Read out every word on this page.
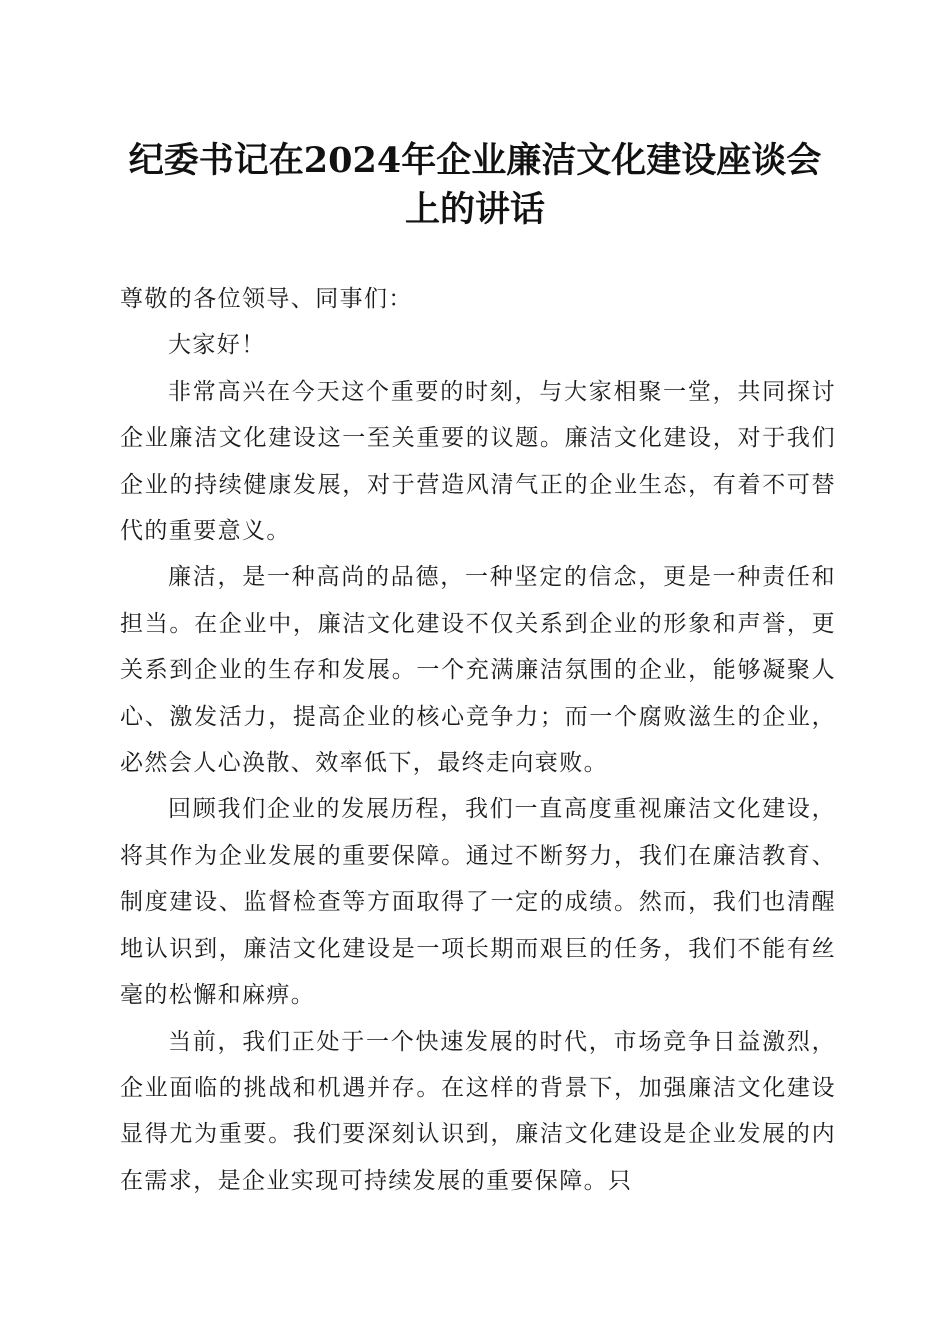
纪委书记在2024年企业廉洁文化建设座谈会
上的讲话

尊敬的各位领导、同事们：

大家好！

非常高兴在今天这个重要的时刻，与大家相聚一堂，共同探讨企业廉洁文化建设这一至关重要的议题。廉洁文化建设，对于我们企业的持续健康发展，对于营造风清气正的企业生态，有着不可替代的重要意义。

廉洁，是一种高尚的品德，一种坚定的信念，更是一种责任和担当。在企业中，廉洁文化建设不仅关系到企业的形象和声誉，更关系到企业的生存和发展。一个充满廉洁氛围的企业，能够凝聚人心、激发活力，提高企业的核心竞争力；而一个腐败滋生的企业，必然会人心涣散、效率低下，最终走向衰败。

回顾我们企业的发展历程，我们一直高度重视廉洁文化建设，将其作为企业发展的重要保障。通过不断努力，我们在廉洁教育、制度建设、监督检查等方面取得了一定的成绩。然而，我们也清醒地认识到，廉洁文化建设是一项长期而艰巨的任务，我们不能有丝毫的松懈和麻痹。

当前，我们正处于一个快速发展的时代，市场竞争日益激烈，企业面临的挑战和机遇并存。在这样的背景下，加强廉洁文化建设显得尤为重要。我们要深刻认识到，廉洁文化建设是企业发展的内在需求，是企业实现可持续发展的重要保障。只
